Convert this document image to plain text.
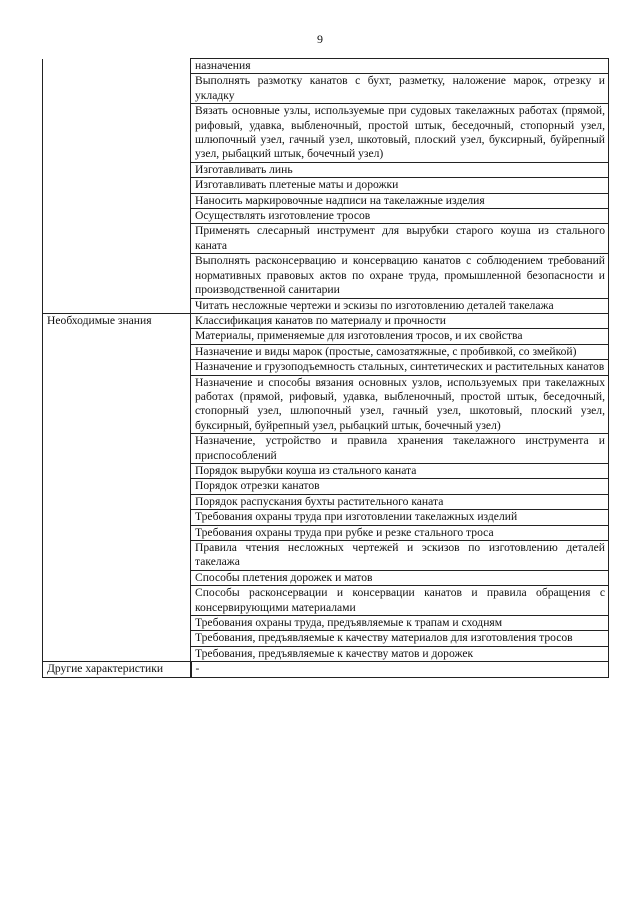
9
	назначения
	Выполнять размотку канатов с бухт, разметку, наложение марок, отрезку и укладку
	Вязать основные узлы, используемые при судовых такелажных работах (прямой, рифовый, удавка, выбленочный, простой штык, беседочный, стопорный узел, шлюпочный узел, гачный узел, шкотовый, плоский узел, буксирный, буйрепный узел, рыбацкий штык, бочечный узел)
	Изготавливать линь
	Изготавливать плетеные маты и дорожки
	Наносить маркировочные надписи на такелажные изделия
	Осуществлять изготовление тросов
	Применять слесарный инструмент для вырубки старого коуша из стального каната
	Выполнять расконсервацию и консервацию канатов с соблюдением требований нормативных правовых актов по охране труда, промышленной безопасности и производственной санитарии
	Читать несложные чертежи и эскизы по изготовлению деталей такелажа
Необходимые знания	Классификация канатов по материалу и прочности
	Материалы, применяемые для изготовления тросов, и их свойства
	Назначение и виды марок (простые, самозатяжные, с пробивкой, со змейкой)
	Назначение и грузоподъемность стальных, синтетических и растительных канатов
	Назначение и способы вязания основных узлов, используемых при такелажных работах (прямой, рифовый, удавка, выбленочный, простой штык, беседочный, стопорный узел, шлюпочный узел, гачный узел, шкотовый, плоский узел, буксирный, буйрепный узел, рыбацкий штык, бочечный узел)
	Назначение, устройство и правила хранения такелажного инструмента и приспособлений
	Порядок вырубки коуша из стального каната
	Порядок отрезки канатов
	Порядок распускания бухты растительного каната
	Требования охраны труда при изготовлении такелажных изделий
	Требования охраны труда при рубке и резке стального троса
	Правила чтения несложных чертежей и эскизов по изготовлению деталей такелажа
	Способы плетения дорожек и матов
	Способы расконсервации и консервации канатов и правила обращения с консервирующими материалами
	Требования охраны труда, предъявляемые к трапам и сходням
	Требования, предъявляемые к качеству материалов для изготовления тросов
	Требования, предъявляемые к качеству матов и дорожек
Другие характеристики	-
